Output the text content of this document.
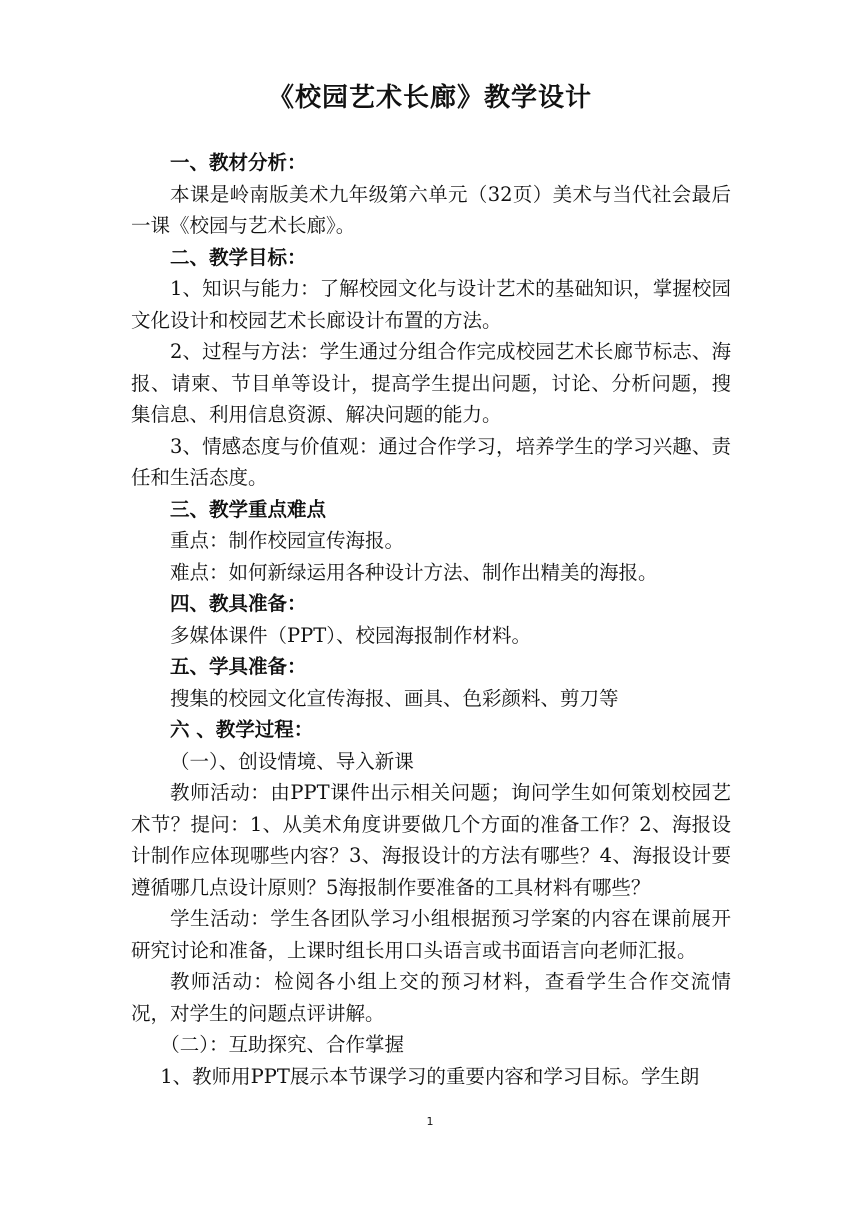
《校园艺术长廊》教学设计

一、教材分析：

本课是岭南版美术九年级第六单元（32页）美术与当代社会最后一课《校园与艺术长廊》。

二、教学目标：

1、知识与能力：了解校园文化与设计艺术的基础知识，掌握校园文化设计和校园艺术长廊设计布置的方法。

2、过程与方法：学生通过分组合作完成校园艺术长廊节标志、海报、请柬、节目单等设计，提高学生提出问题，讨论、分析问题，搜集信息、利用信息资源、解决问题的能力。

3、情感态度与价值观：通过合作学习，培养学生的学习兴趣、责任和生活态度。

三、教学重点难点

重点：制作校园宣传海报。

难点：如何新绿运用各种设计方法、制作出精美的海报。

四、教具准备：

多媒体课件（PPT）、校园海报制作材料。

五、学具准备：

搜集的校园文化宣传海报、画具、色彩颜料、剪刀等

六 、教学过程：

（一）、创设情境、导入新课

教师活动：由PPT课件出示相关问题；询问学生如何策划校园艺术节？提问：1、从美术角度讲要做几个方面的准备工作？2、海报设计制作应体现哪些内容？3、海报设计的方法有哪些？4、海报设计要遵循哪几点设计原则？5海报制作要准备的工具材料有哪些？

学生活动：学生各团队学习小组根据预习学案的内容在课前展开研究讨论和准备，上课时组长用口头语言或书面语言向老师汇报。

教师活动：检阅各小组上交的预习材料，查看学生合作交流情况，对学生的问题点评讲解。

（二）：互助探究、合作掌握

1、教师用PPT展示本节课学习的重要内容和学习目标。学生朗

1
